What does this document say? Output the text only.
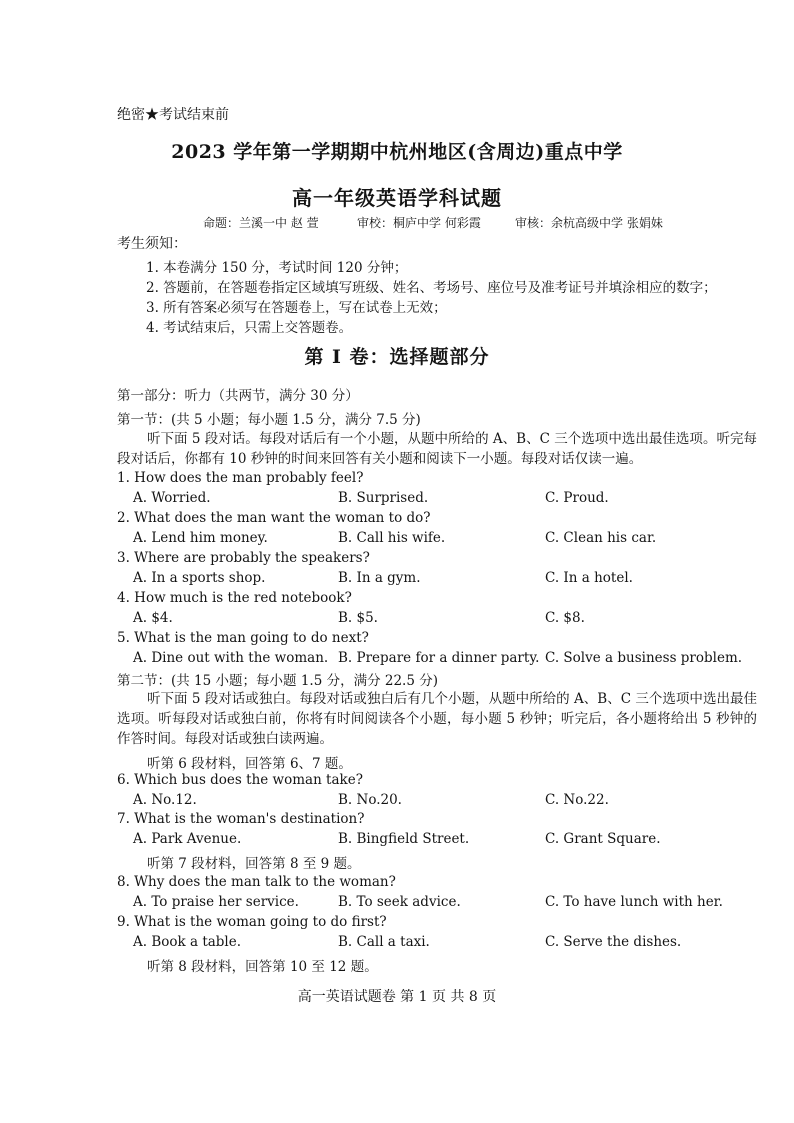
绝密★考试结束前
2023 学年第一学期期中杭州地区(含周边)重点中学
高一年级英语学科试题
命题：兰溪一中 赵 萱	审校：桐庐中学 何彩霞	审核：余杭高级中学 张娟妹
考生须知：
1. 本卷满分 150 分，考试时间 120 分钟；
2. 答题前，在答题卷指定区域填写班级、姓名、考场号、座位号及准考证号并填涂相应的数字；
3. 所有答案必须写在答题卷上，写在试卷上无效；
4. 考试结束后，只需上交答题卷。
第 I 卷：选择题部分
第一部分：听力（共两节，满分 30 分）
第一节：(共 5 小题；每小题 1.5 分，满分 7.5 分)
听下面 5 段对话。每段对话后有一个小题，从题中所给的 A、B、C 三个选项中选出最佳选项。听完每段对话后，你都有 10 秒钟的时间来回答有关小题和阅读下一小题。每段对话仅读一遍。
1. How does the man probably feel?
A. Worried.	B. Surprised.	C. Proud.
2. What does the man want the woman to do?
A. Lend him money.	B. Call his wife.	C. Clean his car.
3. Where are probably the speakers?
A. In a sports shop.	B. In a gym.	C. In a hotel.
4. How much is the red notebook?
A. $4.	B. $5.	C. $8.
5. What is the man going to do next?
A. Dine out with the woman. B. Prepare for a dinner party. C. Solve a business problem.
第二节：(共 15 小题；每小题 1.5 分，满分 22.5 分)
听下面 5 段对话或独白。每段对话或独白后有几个小题，从题中所给的 A、B、C 三个选项中选出最佳选项。听每段对话或独白前，你将有时间阅读各个小题，每小题 5 秒钟；听完后，各小题将给出 5 秒钟的作答时间。每段对话或独白读两遍。
听第 6 段材料，回答第 6、7 题。
6. Which bus does the woman take?
A. No.12.	B. No.20.	C. No.22.
7. What is the woman's destination?
A. Park Avenue.	B. Bingfield Street.	C. Grant Square.
听第 7 段材料，回答第 8 至 9 题。
8. Why does the man talk to the woman?
A. To praise her service.	B. To seek advice.	C. To have lunch with her.
9. What is the woman going to do first?
A. Book a table.	B. Call a taxi.	C. Serve the dishes.
听第 8 段材料，回答第 10 至 12 题。
高一英语试题卷 第 1 页 共 8 页
